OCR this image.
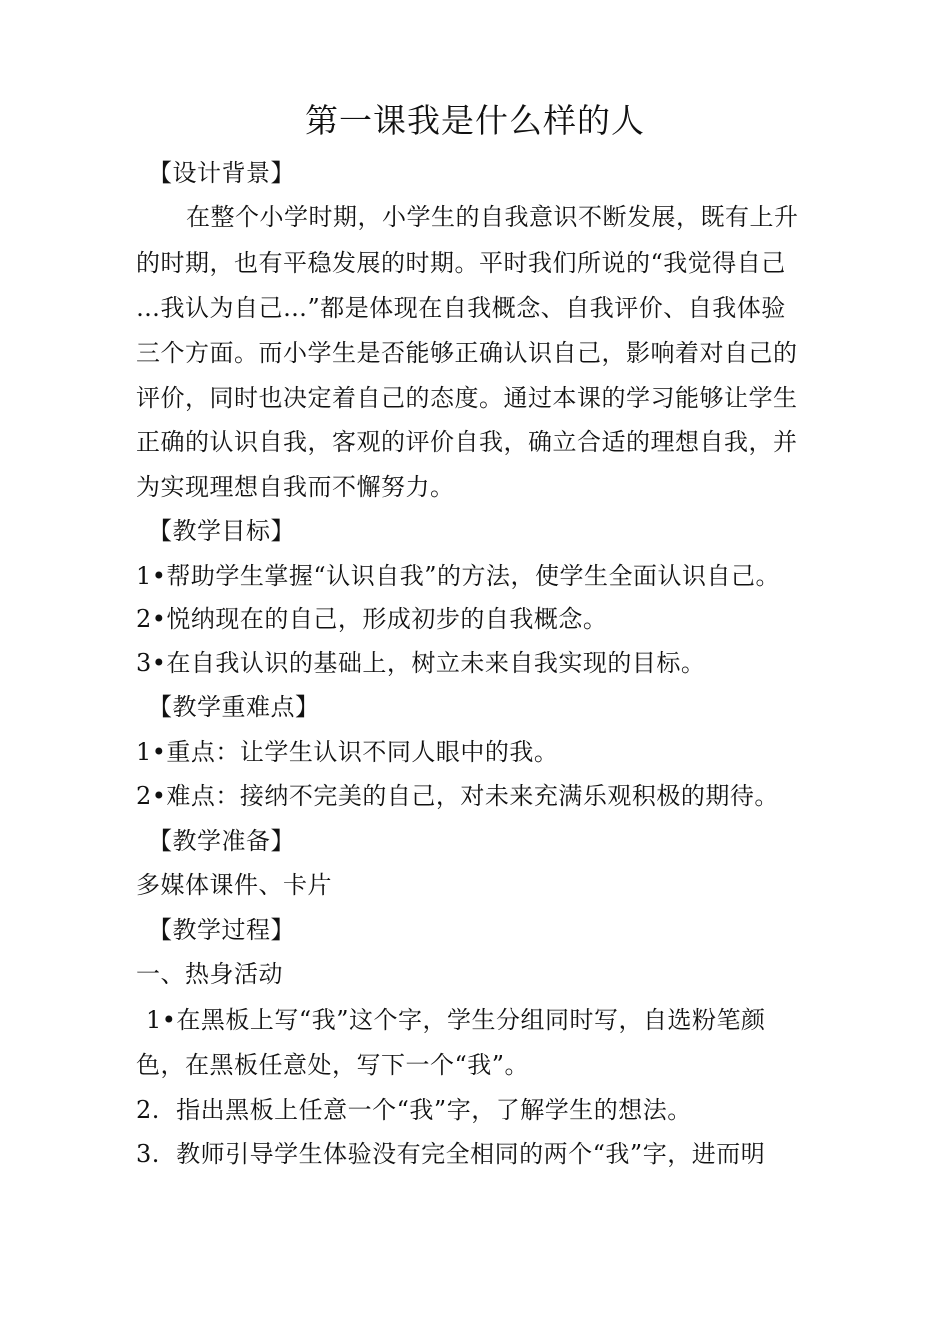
第一课我是什么样的人
【设计背景】
在整个小学时期，小学生的自我意识不断发展，既有上升
的时期，也有平稳发展的时期。平时我们所说的“我觉得自己
…我认为自己…”都是体现在自我概念、自我评价、自我体验
三个方面。而小学生是否能够正确认识自己，影响着对自己的
评价，同时也决定着自己的态度。通过本课的学习能够让学生
正确的认识自我，客观的评价自我，确立合适的理想自我，并
为实现理想自我而不懈努力。
【教学目标】
1•帮助学生掌握“认识自我”的方法，使学生全面认识自己。
2•悦纳现在的自己，形成初步的自我概念。
3•在自我认识的基础上，树立未来自我实现的目标。
【教学重难点】
1•重点：让学生认识不同人眼中的我。
2•难点：接纳不完美的自己，对未来充满乐观积极的期待。
【教学准备】
多媒体课件、卡片
【教学过程】
一、热身活动
1•在黑板上写“我”这个字，学生分组同时写，自选粉笔颜
色，在黑板任意处，写下一个“我”。
2.  指出黑板上任意一个“我”字，了解学生的想法。
3.  教师引导学生体验没有完全相同的两个“我”字，进而明
